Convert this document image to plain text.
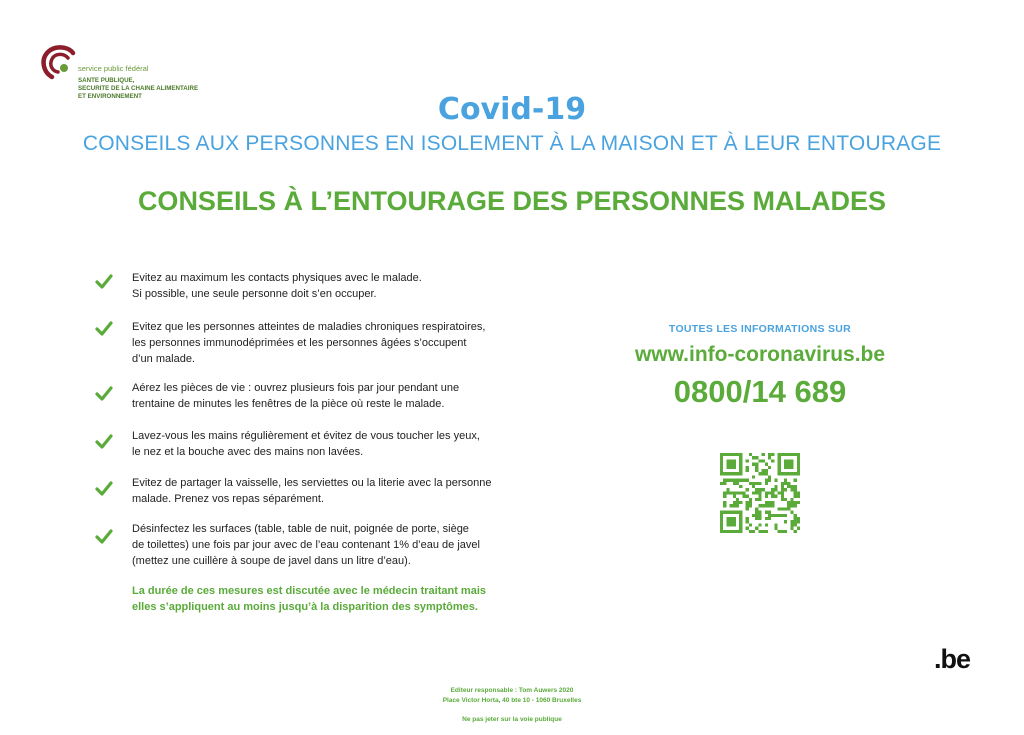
service public fédéral
SANTE PUBLIQUE,
SECURITE DE LA CHAINE ALIMENTAIRE
ET ENVIRONNEMENT	Covid-19
CONSEILS AUX PERSONNES EN ISOLEMENT À LA MAISON ET À LEUR ENTOURAGE
CONSEILS À L’ENTOURAGE DES PERSONNES MALADES
Evitez au maximum les contacts physiques avec le malade.
Si possible, une seule personne doit s’en occuper.
Evitez que les personnes atteintes de maladies chroniques respiratoires,
les personnes immunodéprimées et les personnes âgées s’occupent
d’un malade.
Aérez les pièces de vie : ouvrez plusieurs fois par jour pendant une
trentaine de minutes les fenêtres de la pièce où reste le malade.
Lavez-vous les mains régulièrement et évitez de vous toucher les yeux,
le nez et la bouche avec des mains non lavées.
Evitez de partager la vaisselle, les serviettes ou la literie avec la personne
malade. Prenez vos repas séparément.
Désinfectez les surfaces (table, table de nuit, poignée de porte, siège
de toilettes) une fois par jour avec de l’eau contenant 1% d’eau de javel
(mettez une cuillère à soupe de javel dans un litre d’eau).
La durée de ces mesures est discutée avec le médecin traitant mais
elles s’appliquent au moins jusqu’à la disparition des symptômes.
TOUTES LES INFORMATIONS SUR
www.info-coronavirus.be
0800/14 689
.be
Editeur responsable : Tom Auwers 2020
Place Victor Horta, 40 bte 10 - 1060 Bruxelles
Ne pas jeter sur la voie publique
